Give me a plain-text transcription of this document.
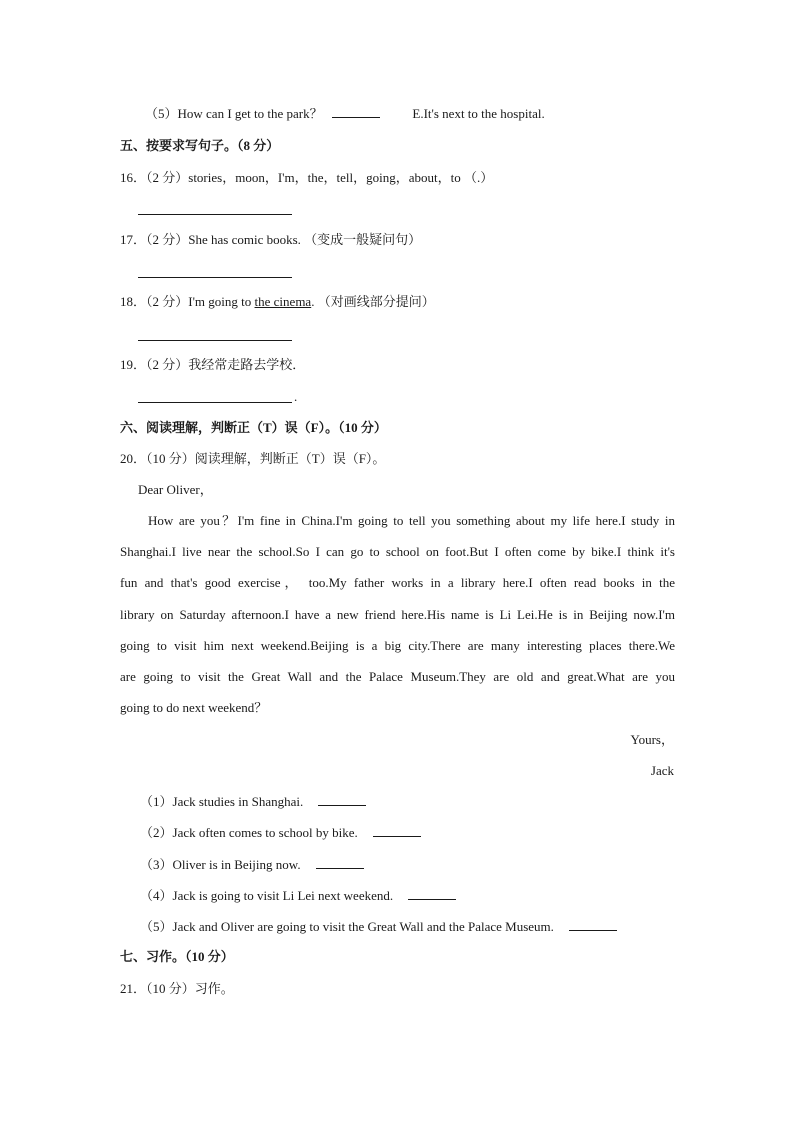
（5）How can I get to the park？	E.It's next to the hospital.
五、按要求写句子。（8 分）
16．（2 分）stories，moon，I'm，the，tell，going，about，to （.）
17．（2 分）She has comic books. （变成一般疑问句）
18．（2 分）I'm going to the cinema. （对画线部分提问）
19．（2 分）我经常走路去学校．
.
六、阅读理解，判断正（T）误（F）。（10 分）
20．（10 分）阅读理解，判断正（T）误（F）。
Dear Oliver，
How are you？I'm fine in China.I'm going to tell you something about my life here.I study in
Shanghai.I live near the school.So I can go to school on foot.But I often come by bike.I think it's
fun and that's good exercise， too.My father works in a library here.I often read books in the
library on Saturday afternoon.I have a new friend here.His name is Li Lei.He is in Beijing now.I'm
going to visit him next weekend.Beijing is a big city.There are many interesting places there.We
are going to visit the Great Wall and the Palace Museum.They are old and great.What are you
going to do next weekend？
Yours，
Jack
（1）Jack studies in Shanghai.
（2）Jack often comes to school by bike.
（3）Oliver is in Beijing now.
（4）Jack is going to visit Li Lei next weekend.
（5）Jack and Oliver are going to visit the Great Wall and the Palace Museum.
七、习作。（10 分）
21．（10 分）习作。
